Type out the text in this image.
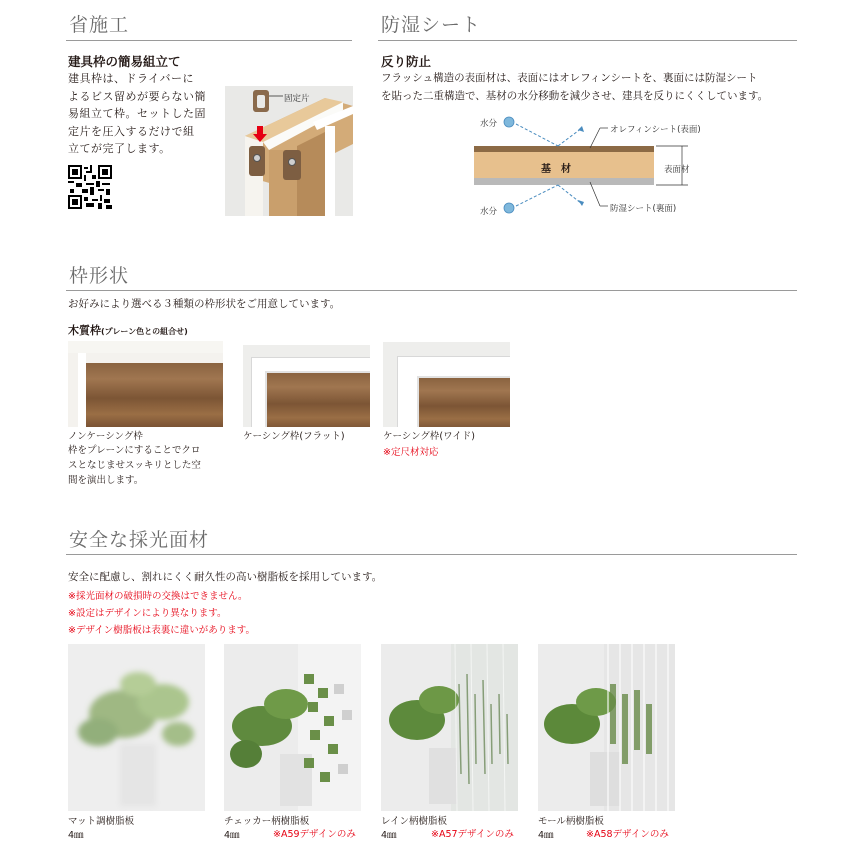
省施工
建具枠の簡易組立て
建具枠は、ドライバーに
よるビス留めが要らない簡
易組立て枠。セットした固
定片を圧入するだけで組
立てが完了します。
固定片
防湿シート
反り防止
フラッシュ構造の表面材は、表面にはオレフィンシートを、裏面には防湿シート
を貼った二重構造で、基材の水分移動を減少させ、建具を反りにくくしています。
水分
水分
オレフィンシート(表面)
基　材	表面材
防湿シート(裏面)
枠形状
お好みにより選べる３種類の枠形状をご用意しています。
木質枠(プレーン色との組合せ)
ノンケーシング枠
枠をプレーンにすることでクロ
スとなじませスッキリとした空
間を演出します。
ケーシング枠(フラット)	ケーシング枠(ワイド)
※定尺材対応
安全な採光面材
安全に配慮し、割れにくく耐久性の高い樹脂板を採用しています。
※採光面材の破損時の交換はできません。
※設定はデザインにより異なります。
※デザイン樹脂板は表裏に違いがあります。
マット調樹脂板
4㎜
チェッカー柄樹脂板
4㎜	※A59デザインのみ
レイン柄樹脂板
4㎜	※A57デザインのみ
モール柄樹脂板
4㎜	※A58デザインのみ
